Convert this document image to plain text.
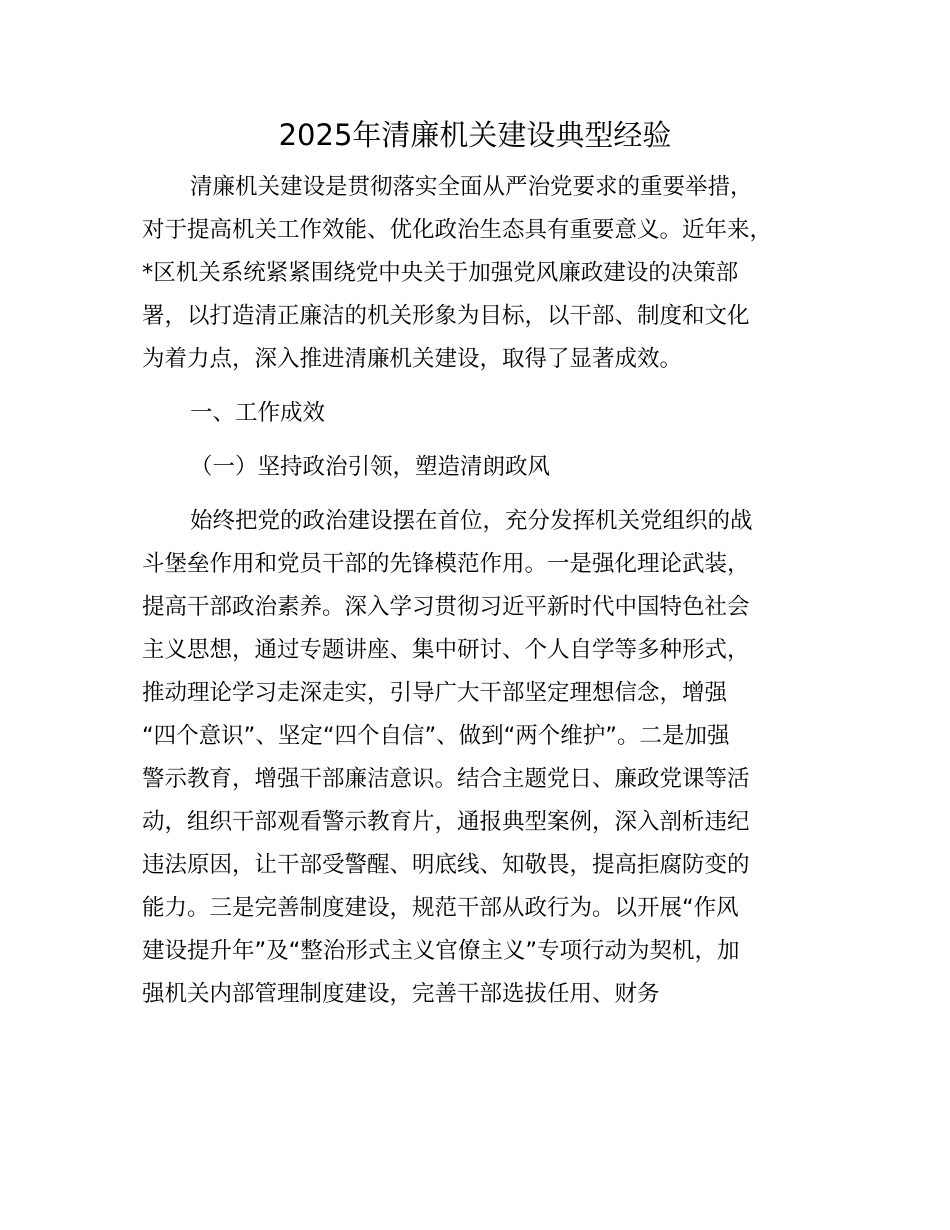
2025年清廉机关建设典型经验
清廉机关建设是贯彻落实全面从严治党要求的重要举措，
对于提高机关工作效能、优化政治生态具有重要意义。近年来，
*区机关系统紧紧围绕党中央关于加强党风廉政建设的决策部
署，以打造清正廉洁的机关形象为目标，以干部、制度和文化
为着力点，深入推进清廉机关建设，取得了显著成效。
一、工作成效
（一）坚持政治引领，塑造清朗政风
始终把党的政治建设摆在首位，充分发挥机关党组织的战
斗堡垒作用和党员干部的先锋模范作用。一是强化理论武装，
提高干部政治素养。深入学习贯彻习近平新时代中国特色社会
主义思想，通过专题讲座、集中研讨、个人自学等多种形式，
推动理论学习走深走实，引导广大干部坚定理想信念，增强
“四个意识”、坚定“四个自信”、做到“两个维护”。二是加强
警示教育，增强干部廉洁意识。结合主题党日、廉政党课等活
动，组织干部观看警示教育片，通报典型案例，深入剖析违纪
违法原因，让干部受警醒、明底线、知敬畏，提高拒腐防变的
能力。三是完善制度建设，规范干部从政行为。以开展“作风
建设提升年”及“整治形式主义官僚主义”专项行动为契机，加
强机关内部管理制度建设，完善干部选拔任用、财务
